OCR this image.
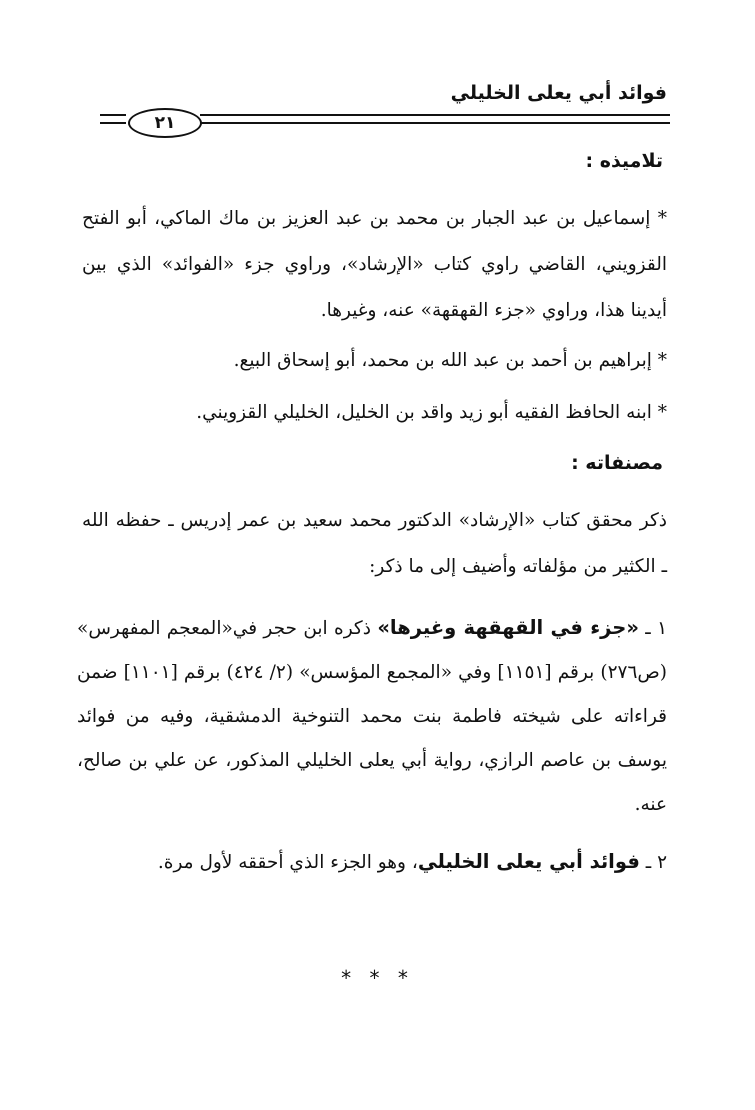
فوائد أبي يعلى الخليلي
٢١
تلاميذه :
* إسماعيل بن عبد الجبار بن محمد بن عبد العزيز بن ماك الماكي، أبو الفتح القزويني، القاضي راوي كتاب «الإرشاد»، وراوي جزء «الفوائد» الذي بين أيدينا هذا، وراوي «جزء القهقهة» عنه، وغيرها.
* إبراهيم بن أحمد بن عبد الله بن محمد، أبو إسحاق البيع.
* ابنه الحافظ الفقيه أبو زيد واقد بن الخليل، الخليلي القزويني.
مصنفاته :
ذكر محقق كتاب «الإرشاد» الدكتور محمد سعيد بن عمر إدريس ـ حفظه الله ـ الكثير من مؤلفاته وأضيف إلى ما ذكر:
١ ـ «جزء في القهقهة وغيرها» ذكره ابن حجر في«المعجم المفهرس» (ص٢٧٦) برقم [١١٥١] وفي «المجمع المؤسس» (٢/ ٤٢٤) برقم [١١٠١] ضمن قراءاته على شيخته فاطمة بنت محمد التنوخية الدمشقية، وفيه من فوائد يوسف بن عاصم الرازي، رواية أبي يعلى الخليلي المذكور، عن علي بن صالح، عنه.
٢ ـ فوائد أبي يعلى الخليلي، وهو الجزء الذي أحققه لأول مرة.
* * *
